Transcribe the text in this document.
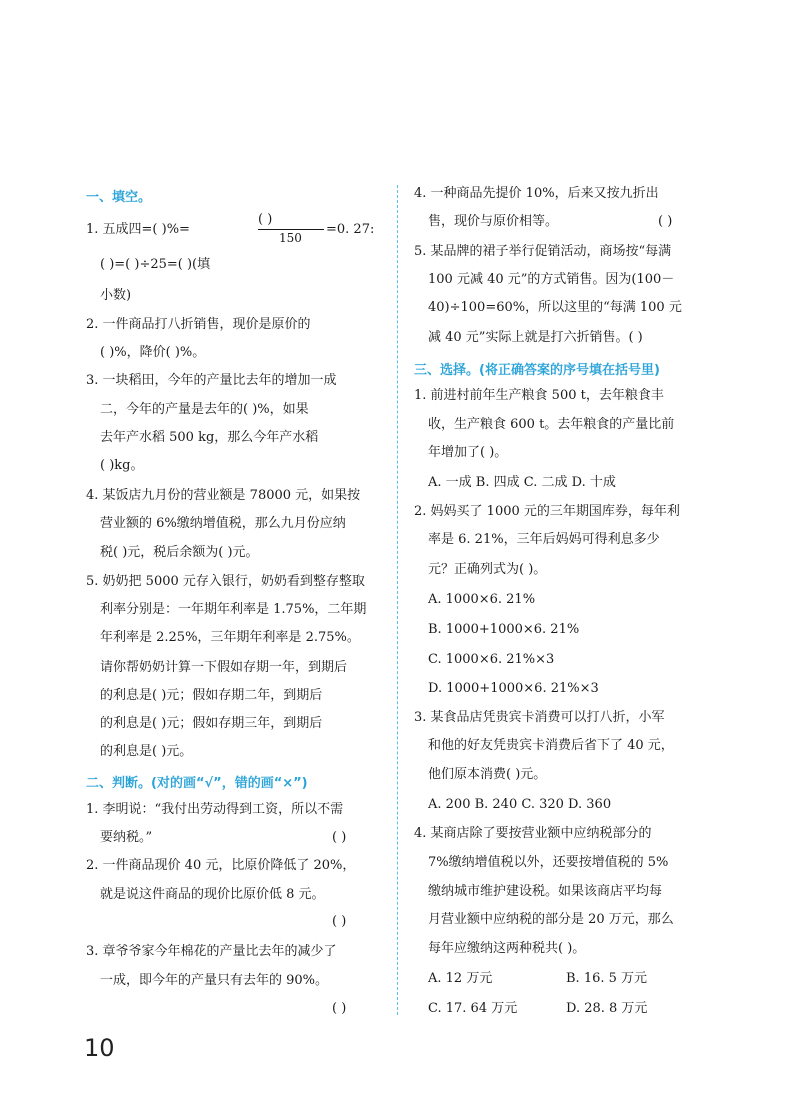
一、填空。
1. 五成四=( )%=
( )
150
=0. 27:
( )=( )÷25=( )(填
小数)
2. 一件商品打八折销售，现价是原价的
( )%，降价( )%。
3. 一块稻田，今年的产量比去年的增加一成
二，今年的产量是去年的( )%，如果
去年产水稻 500 kg，那么今年产水稻
( )kg。
4. 某饭店九月份的营业额是 78000 元，如果按
营业额的 6%缴纳增值税，那么九月份应纳
税( )元，税后余额为( )元。
5. 奶奶把 5000 元存入银行，奶奶看到整存整取
利率分别是：一年期年利率是 1.75%，二年期
年利率是 2.25%，三年期年利率是 2.75%。
请你帮奶奶计算一下假如存期一年，到期后
的利息是( )元；假如存期二年，到期后
的利息是( )元；假如存期三年，到期后
的利息是( )元。
二、判断。(对的画“√”，错的画“×”)
1. 李明说：“我付出劳动得到工资，所以不需
要纳税。”	( )
2. 一件商品现价 40 元，比原价降低了 20%，
就是说这件商品的现价比原价低 8 元。
( )
3. 章爷爷家今年棉花的产量比去年的减少了
一成，即今年的产量只有去年的 90%。
( )
4. 一种商品先提价 10%，后来又按九折出
售，现价与原价相等。	( )
5. 某品牌的裙子举行促销活动，商场按“每满
100 元减 40 元”的方式销售。因为(100－
40)÷100=60%，所以这里的“每满 100 元
减 40 元”实际上就是打六折销售。( )
三、选择。(将正确答案的序号填在括号里)
1. 前进村前年生产粮食 500 t，去年粮食丰
收，生产粮食 600 t。去年粮食的产量比前
年增加了( )。
A. 一成 B. 四成 C. 二成 D. 十成
2. 妈妈买了 1000 元的三年期国库券，每年利
率是 6. 21%，三年后妈妈可得利息多少
元？正确列式为( )。
A. 1000×6. 21%
B. 1000+1000×6. 21%
C. 1000×6. 21%×3
D. 1000+1000×6. 21%×3
3. 某食品店凭贵宾卡消费可以打八折，小军
和他的好友凭贵宾卡消费后省下了 40 元，
他们原本消费( )元。
A. 200 B. 240 C. 320 D. 360
4. 某商店除了要按营业额中应纳税部分的
7%缴纳增值税以外，还要按增值税的 5%
缴纳城市维护建设税。如果该商店平均每
月营业额中应纳税的部分是 20 万元，那么
每年应缴纳这两种税共( )。
A. 12 万元	B. 16. 5 万元
C. 17. 64 万元	D. 28. 8 万元
10
